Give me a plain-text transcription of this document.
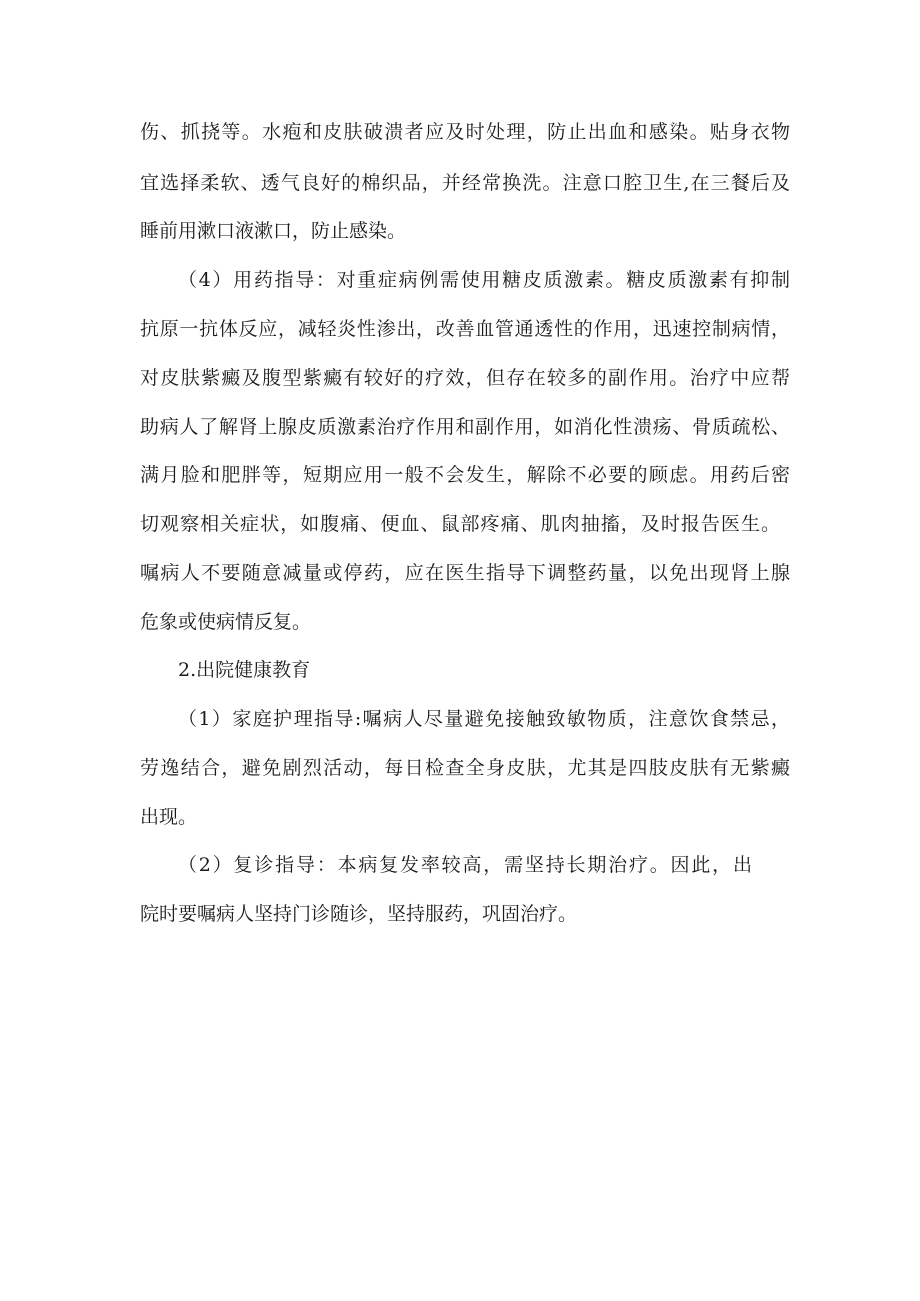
伤、抓挠等。水疱和皮肤破溃者应及时处理，防止出血和感染。贴身衣物
宜选择柔软、透气良好的棉织品，并经常换洗。注意口腔卫生,在三餐后及
睡前用漱口液漱口，防止感染。
（4）用药指导：对重症病例需使用糖皮质激素。糖皮质激素有抑制
抗原一抗体反应，减轻炎性渗出，改善血管通透性的作用，迅速控制病情，
对皮肤紫癜及腹型紫癜有较好的疗效，但存在较多的副作用。治疗中应帮
助病人了解肾上腺皮质激素治疗作用和副作用，如消化性溃疡、骨质疏松、
满月脸和肥胖等，短期应用一般不会发生，解除不必要的顾虑。用药后密
切观察相关症状，如腹痛、便血、鼠部疼痛、肌肉抽搐，及时报告医生。
嘱病人不要随意减量或停药，应在医生指导下调整药量，以免出现肾上腺
危象或使病情反复。
2.出院健康教育
（1）家庭护理指导:嘱病人尽量避免接触致敏物质，注意饮食禁忌，
劳逸结合，避免剧烈活动，每日检查全身皮肤，尤其是四肢皮肤有无紫癜
出现。
（2）复诊指导：本病复发率较高，需坚持长期治疗。因此，出
院时要嘱病人坚持门诊随诊，坚持服药，巩固治疗。
